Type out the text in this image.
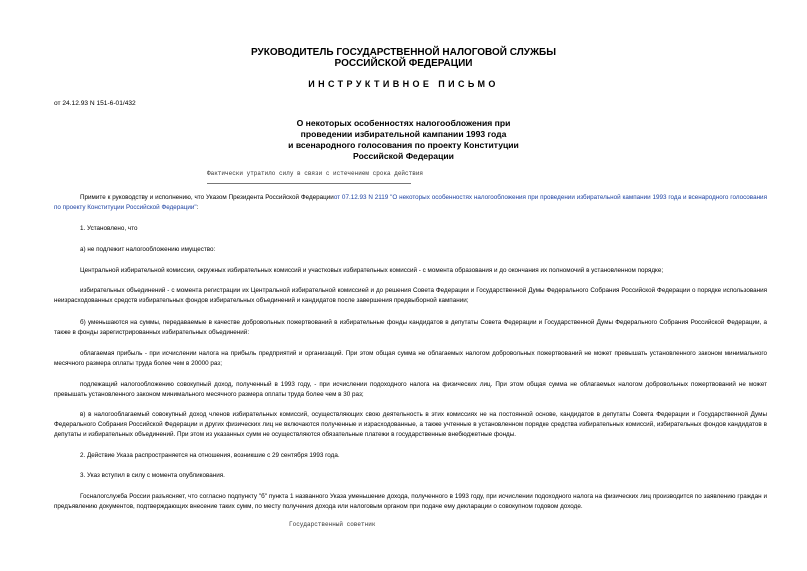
РУКОВОДИТЕЛЬ ГОСУДАРСТВЕННОЙ НАЛОГОВОЙ СЛУЖБЫ
РОССИЙСКОЙ ФЕДЕРАЦИИ
ИНСТРУКТИВНОЕ ПИСЬМО
от 24.12.93 N 151-6-01/432
О некоторых особенностях налогообложения при
проведении избирательной кампании 1993 года
и всенародного голосования по проекту Конституции
Российской Федерации
Фактически утратило силу в связи с истечением срока действия
Примите к руководству и исполнению, что Указом Президента Российской Федерацииот 07.12.93 N 2119 "О некоторых особенностях налогообложения при проведении избирательной кампании 1993 года и всенародного голосования по проекту Конституции Российской Федерации":
1. Установлено, что
а) не подлежит налогообложению имущество:
Центральной избирательной комиссии, окружных избирательных комиссий и участковых избирательных комиссий - с момента образования и до окончания их полномочий в установленном порядке;
избирательных объединений - с момента регистрации их Центральной избирательной комиссией и до решения Совета Федерации и Государственной Думы Федерального Собрания Российской Федерации о порядке использования неизрасходованных средств избирательных фондов избирательных объединений и кандидатов после завершения предвыборной кампании;
б) уменьшаются на суммы, передаваемые в качестве добровольных пожертвований в избирательные фонды кандидатов в депутаты Совета Федерации и Государственной Думы Федерального Собрания Российской Федерации, а также в фонды зарегистрированных избирательных объединений:
облагаемая прибыль - при исчислении налога на прибыль предприятий и организаций. При этом общая сумма не облагаемых налогом добровольных пожертвований не может превышать установленного законом минимального месячного размера оплаты труда более чем в 20000 раз;
подлежащий налогообложению совокупный доход, полученный в 1993 году, - при исчислении подоходного налога на физических лиц. При этом общая сумма не облагаемых налогом добровольных пожертвований не может превышать установленного законом минимального месячного размера оплаты труда более чем в 30 раз;
в) в налогооблагаемый совокупный доход членов избирательных комиссий, осуществляющих свою деятельность в этих комиссиях не на постоянной основе, кандидатов в депутаты Совета Федерации и Государственной Думы Федерального Собрания Российской Федерации и других физических лиц не включаются полученные и израсходованные, а также учтенные в установленном порядке средства избирательных комиссий, избирательных фондов кандидатов в депутаты и избирательных объединений. При этом из указанных сумм не осуществляются обязательные платежи в государственные внебюджетные фонды.
2. Действие Указа распространяется на отношения, возникшие с 29 сентября 1993 года.
3. Указ вступил в силу с момента опубликования.
Госналогслужба России разъясняет, что согласно подпункту "б" пункта 1 названного Указа уменьшение дохода, полученного в 1993 году, при исчислении подоходного налога на физических лиц производится по заявлению граждан и предъявлению документов, подтверждающих внесение таких сумм, по месту получения дохода или налоговым органом при подаче ему декларации о совокупном годовом доходе.
Государственный советник
